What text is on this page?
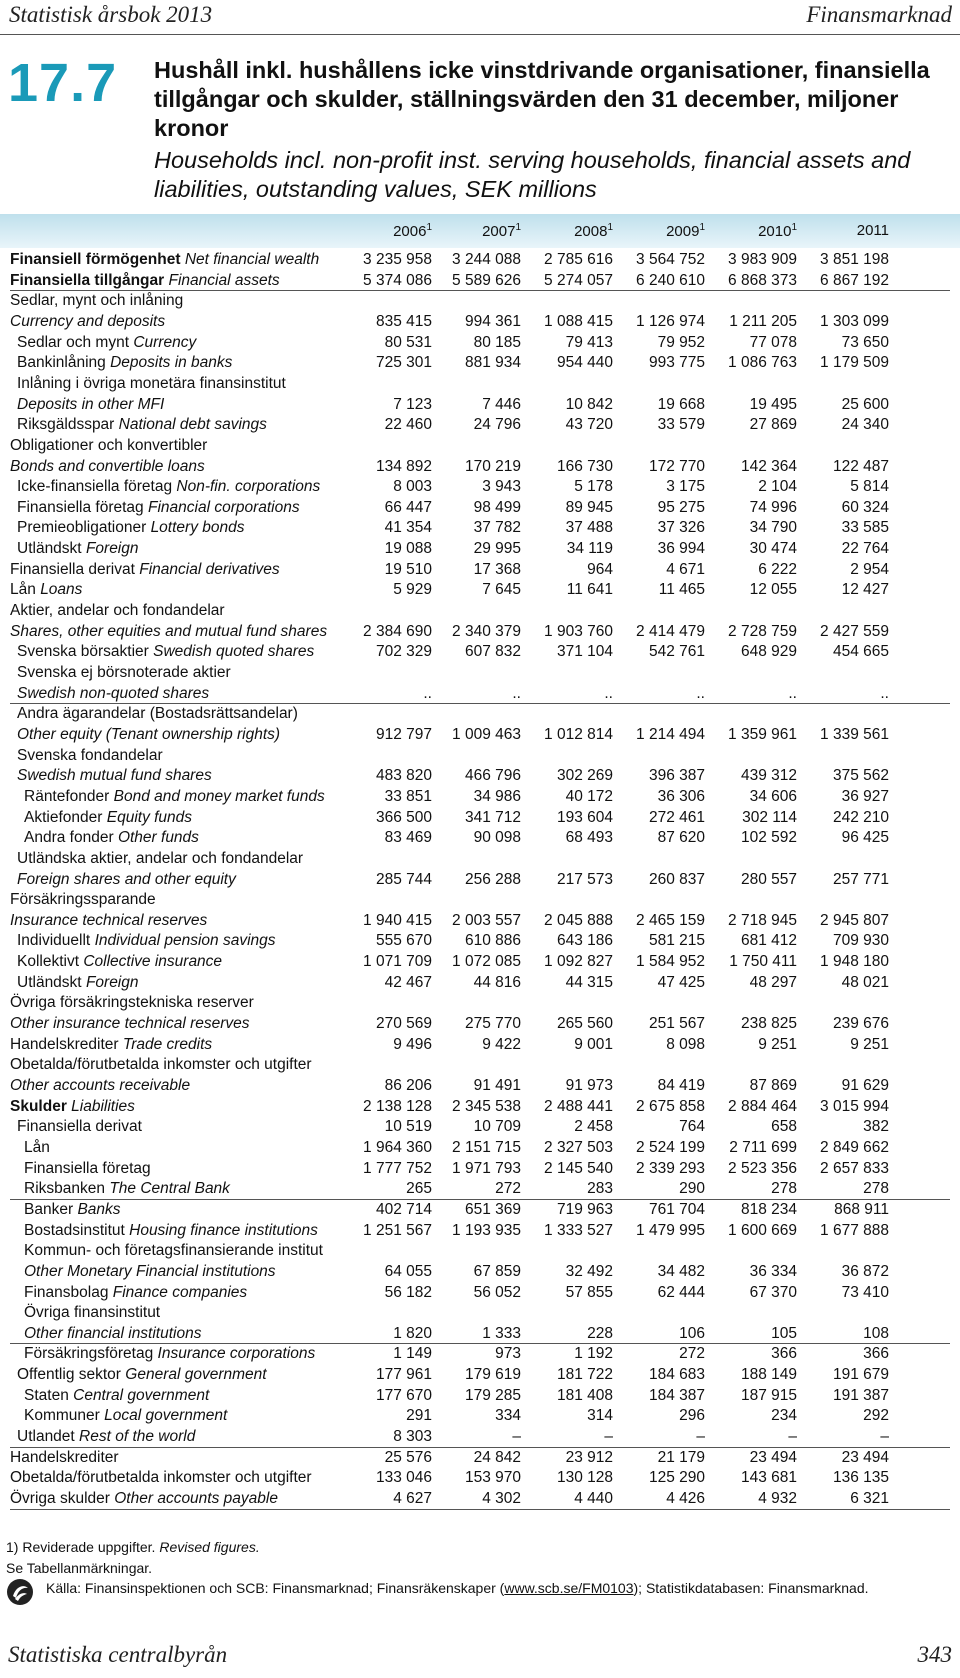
Statistisk årsbok 2013	Finansmarknad
17.7 Hushåll inkl. hushållens icke vinstdrivande organisationer, finansiella tillgångar och skulder, ställningsvärden den 31 december, miljoner kronor
Households incl. non-profit inst. serving households, financial assets and liabilities, outstanding values, SEK millions
2006$^1$	2007$^1$	2008$^1$	2009$^1$	2010$^1$	2011
Finansiell förmögenhet Net financial wealth	3 235 958	3 244 088	2 785 616	3 564 752	3 983 909	3 851 198
Finansiella tillgångar Financial assets	5 374 086	5 589 626	5 274 057	6 240 610	6 868 373	6 867 192
Sedlar, mynt och inlåning
Currency and deposits	835 415	994 361	1 088 415	1 126 974	1 211 205	1 303 099
Sedlar och mynt Currency	80 531	80 185	79 413	79 952	77 078	73 650
Bankinlåning Deposits in banks	725 301	881 934	954 440	993 775	1 086 763	1 179 509
Inlåning i övriga monetära finansinstitut
Deposits in other MFI	7 123	7 446	10 842	19 668	19 495	25 600
Riksgäldsspar National debt savings	22 460	24 796	43 720	33 579	27 869	24 340
Obligationer och konvertibler
Bonds and convertible loans	134 892	170 219	166 730	172 770	142 364	122 487
Icke-finansiella företag Non-fin. corporations	8 003	3 943	5 178	3 175	2 104	5 814
Finansiella företag Financial corporations	66 447	98 499	89 945	95 275	74 996	60 324
Premieobligationer Lottery bonds	41 354	37 782	37 488	37 326	34 790	33 585
Utländskt Foreign	19 088	29 995	34 119	36 994	30 474	22 764
Finansiella derivat Financial derivatives	19 510	17 368	964	4 671	6 222	2 954
Lån Loans	5 929	7 645	11 641	11 465	12 055	12 427
Aktier, andelar och fondandelar
Shares, other equities and mutual fund shares	2 384 690	2 340 379	1 903 760	2 414 479	2 728 759	2 427 559
Svenska börsaktier Swedish quoted shares	702 329	607 832	371 104	542 761	648 929	454 665
Svenska ej börsnoterade aktier
Swedish non-quoted shares	..	..	..	..	..	..
Andra ägarandelar (Bostadsrättsandelar)
Other equity (Tenant ownership rights)	912 797	1 009 463	1 012 814	1 214 494	1 359 961	1 339 561
Svenska fondandelar
Swedish mutual fund shares	483 820	466 796	302 269	396 387	439 312	375 562
Räntefonder Bond and money market funds	33 851	34 986	40 172	36 306	34 606	36 927
Aktiefonder Equity funds	366 500	341 712	193 604	272 461	302 114	242 210
Andra fonder Other funds	83 469	90 098	68 493	87 620	102 592	96 425
Utländska aktier, andelar och fondandelar
Foreign shares and other equity	285 744	256 288	217 573	260 837	280 557	257 771
Försäkringssparande
Insurance technical reserves	1 940 415	2 003 557	2 045 888	2 465 159	2 718 945	2 945 807
Individuellt Individual pension savings	555 670	610 886	643 186	581 215	681 412	709 930
Kollektivt Collective insurance	1 071 709	1 072 085	1 092 827	1 584 952	1 750 411	1 948 180
Utländskt Foreign	42 467	44 816	44 315	47 425	48 297	48 021
Övriga försäkringstekniska reserver
Other insurance technical reserves	270 569	275 770	265 560	251 567	238 825	239 676
Handelskrediter Trade credits	9 496	9 422	9 001	8 098	9 251	9 251
Obetalda/förutbetalda inkomster och utgifter
Other accounts receivable	86 206	91 491	91 973	84 419	87 869	91 629
Skulder Liabilities	2 138 128	2 345 538	2 488 441	2 675 858	2 884 464	3 015 994
Finansiella derivat	10 519	10 709	2 458	764	658	382
Lån	1 964 360	2 151 715	2 327 503	2 524 199	2 711 699	2 849 662
Finansiella företag	1 777 752	1 971 793	2 145 540	2 339 293	2 523 356	2 657 833
Riksbanken The Central Bank	265	272	283	290	278	278
Banker Banks	402 714	651 369	719 963	761 704	818 234	868 911
Bostadsinstitut Housing finance institutions	1 251 567	1 193 935	1 333 527	1 479 995	1 600 669	1 677 888
Kommun- och företagsfinansierande institut
Other Monetary Financial institutions	64 055	67 859	32 492	34 482	36 334	36 872
Finansbolag Finance companies	56 182	56 052	57 855	62 444	67 370	73 410
Övriga finansinstitut
Other financial institutions	1 820	1 333	228	106	105	108
Försäkringsföretag Insurance corporations	1 149	973	1 192	272	366	366
Offentlig sektor General government	177 961	179 619	181 722	184 683	188 149	191 679
Staten Central government	177 670	179 285	181 408	184 387	187 915	191 387
Kommuner Local government	291	334	314	296	234	292
Utlandet Rest of the world	8 303	–	–	–	–	–
Handelskrediter	25 576	24 842	23 912	21 179	23 494	23 494
Obetalda/förutbetalda inkomster och utgifter	133 046	153 970	130 128	125 290	143 681	136 135
Övriga skulder Other accounts payable	4 627	4 302	4 440	4 426	4 932	6 321
1) Reviderade uppgifter. Revised figures.
Se Tabellanmärkningar.
Källa: Finansinspektionen och SCB: Finansmarknad; Finansräkenskaper (www.scb.se/FM0103); Statistikdatabasen: Finansmarknad.
Statistiska centralbyrån	343
